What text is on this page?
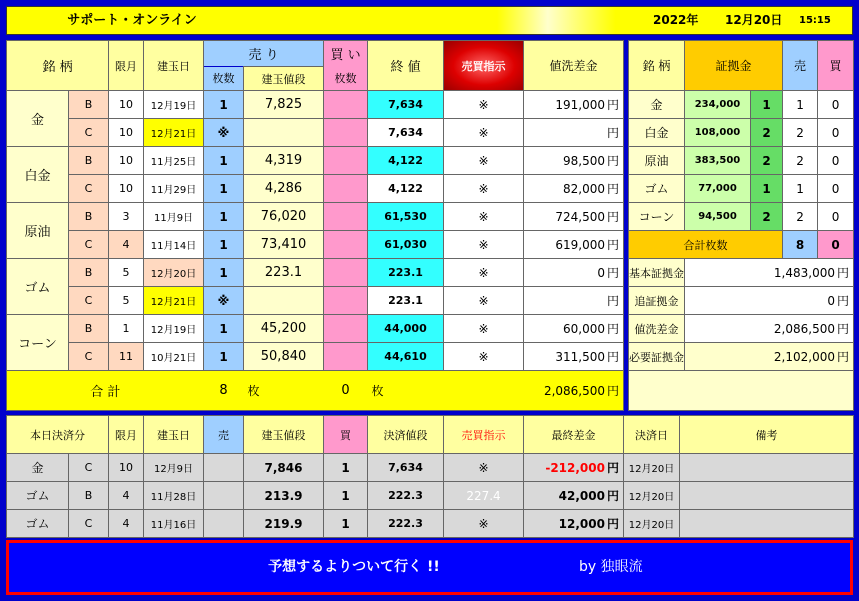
サポート・オンライン	2022年 12月20日 15:15
銘 柄		限月	建玉日	売 り		買 い	終 値	売買指示	値洗差金
				枚数	建玉値段	枚数			
金	B	10	12月19日	1	7,825		7,634	※	191,000 円
	C	10	12月21日	※			7,634	※	円
白金	B	10	11月25日	1	4,319		4,122	※	98,500 円
	C	10	11月29日	1	4,286		4,122	※	82,000 円
原油	B	3	11月9日	1	76,020		61,530	※	724,500 円
	C	4	11月14日	1	73,410		61,030	※	619,000 円
ゴム	B	5	12月20日	1	223.1		223.1	※	0 円
	C	5	12月21日	※			223.1	※	円
コーン	B	1	12月19日	1	45,200		44,000	※	60,000 円
	C	11	10月21日	1	50,840		44,610	※	311,500 円
合 計				8	枚	0	枚		2,086,500 円
銘 柄	証拠金		売	買
金	234,000	1	1	0
白金	108,000	2	2	0
原油	383,500	2	2	0
ゴム	77,000	1	1	0
コーン	94,500	2	2	0
合計枚数			8	0
基本証拠金	1,483,000 円			
追証拠金	0 円			
値洗差金	2,086,500 円			
必要証拠金	2,102,000 円			

本日決済分		限月	建玉日	売	建玉値段	買	決済値段	売買指示	最終差金	決済日	備考
金	C	10	12月9日		7,846	1	7,634	※	-212,000 円	12月20日	
ゴム	B	4	11月28日		213.9	1	222.3	227.4	42,000 円	12月20日	
ゴム	C	4	11月16日		219.9	1	222.3	※	12,000 円	12月20日	
予想するよりついて行く !!	by 独眼流
